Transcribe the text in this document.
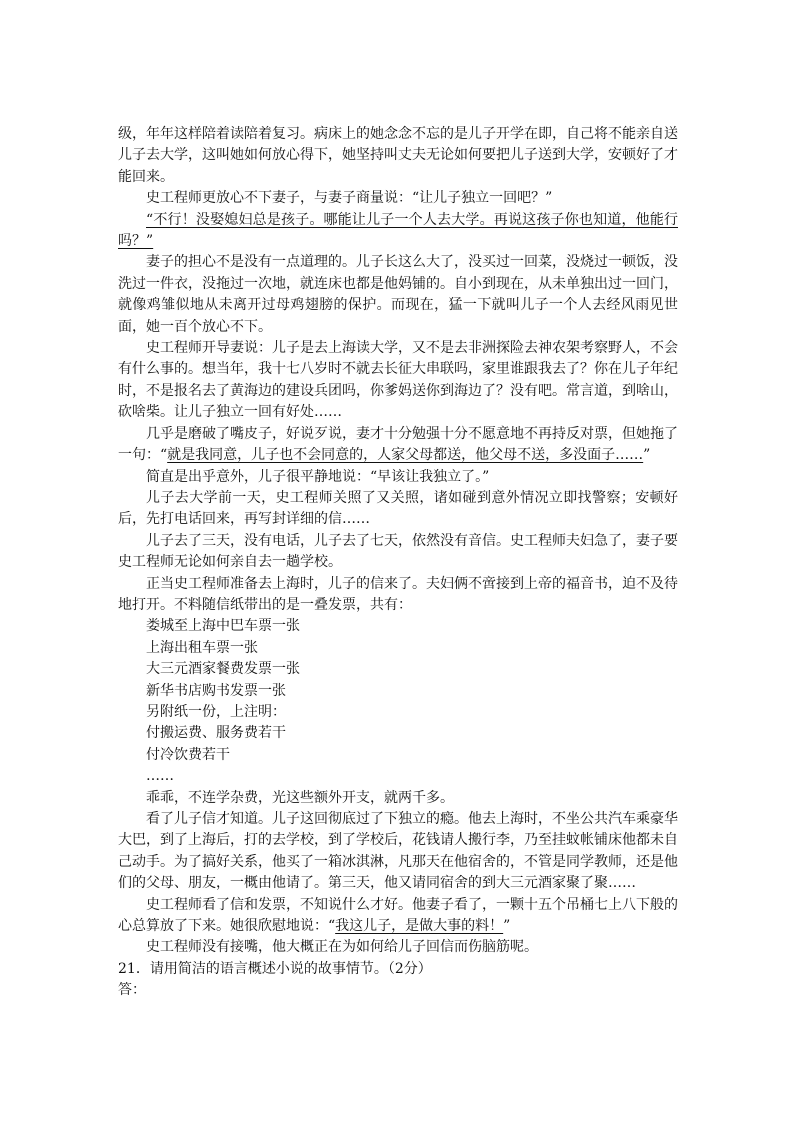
级，年年这样陪着读陪着复习。病床上的她念念不忘的是儿子开学在即，自己将不能亲自送儿子去大学，这叫她如何放心得下，她坚持叫丈夫无论如何要把儿子送到大学，安顿好了才能回来。

史工程师更放心不下妻子，与妻子商量说：“让儿子独立一回吧？”

“不行！没娶媳妇总是孩子。哪能让儿子一个人去大学。再说这孩子你也知道，他能行吗？”

妻子的担心不是没有一点道理的。儿子长这么大了，没买过一回菜，没烧过一顿饭，没洗过一件衣，没拖过一次地，就连床也都是他妈铺的。自小到现在，从未单独出过一回门，就像鸡雏似地从未离开过母鸡翅膀的保护。而现在，猛一下就叫儿子一个人去经风雨见世面，她一百个放心不下。

史工程师开导妻说：儿子是去上海读大学，又不是去非洲探险去神农架考察野人，不会有什么事的。想当年，我十七八岁时不就去长征大串联吗，家里谁跟我去了？你在儿子年纪时，不是报名去了黄海边的建设兵团吗，你爹妈送你到海边了？没有吧。常言道，到啥山，砍啥柴。让儿子独立一回有好处……

几乎是磨破了嘴皮子，好说歹说，妻才十分勉强十分不愿意地不再持反对票，但她拖了一句：“就是我同意，儿子也不会同意的，人家父母都送，他父母不送，多没面子……”

简直是出乎意外，儿子很平静地说：“早该让我独立了。”

儿子去大学前一天，史工程师关照了又关照，诸如碰到意外情况立即找警察；安顿好后，先打电话回来，再写封详细的信……

儿子去了三天，没有电话，儿子去了七天，依然没有音信。史工程师夫妇急了，妻子要史工程师无论如何亲自去一趟学校。

正当史工程师准备去上海时，儿子的信来了。夫妇俩不啻接到上帝的福音书，迫不及待地打开。不料随信纸带出的是一叠发票，共有：

娄城至上海中巴车票一张

上海出租车票一张

大三元酒家餐费发票一张

新华书店购书发票一张

另附纸一份，上注明：

付搬运费、服务费若干

付冷饮费若干

……

乖乖，不连学杂费，光这些额外开支，就两千多。

看了儿子信才知道。儿子这回彻底过了下独立的瘾。他去上海时，不坐公共汽车乘豪华大巴，到了上海后，打的去学校，到了学校后，花钱请人搬行李，乃至挂蚊帐铺床他都未自己动手。为了搞好关系，他买了一箱冰淇淋，凡那天在他宿舍的，不管是同学教师，还是他们的父母、朋友，一概由他请了。第三天，他又请同宿舍的到大三元酒家聚了聚……

史工程师看了信和发票，不知说什么才好。他妻子看了，一颗十五个吊桶七上八下般的心总算放了下来。她很欣慰地说：“我这儿子，是做大事的料！”

史工程师没有接嘴，他大概正在为如何给儿子回信而伤脑筋呢。

21．请用简洁的语言概述小说的故事情节。（2分）

答：
